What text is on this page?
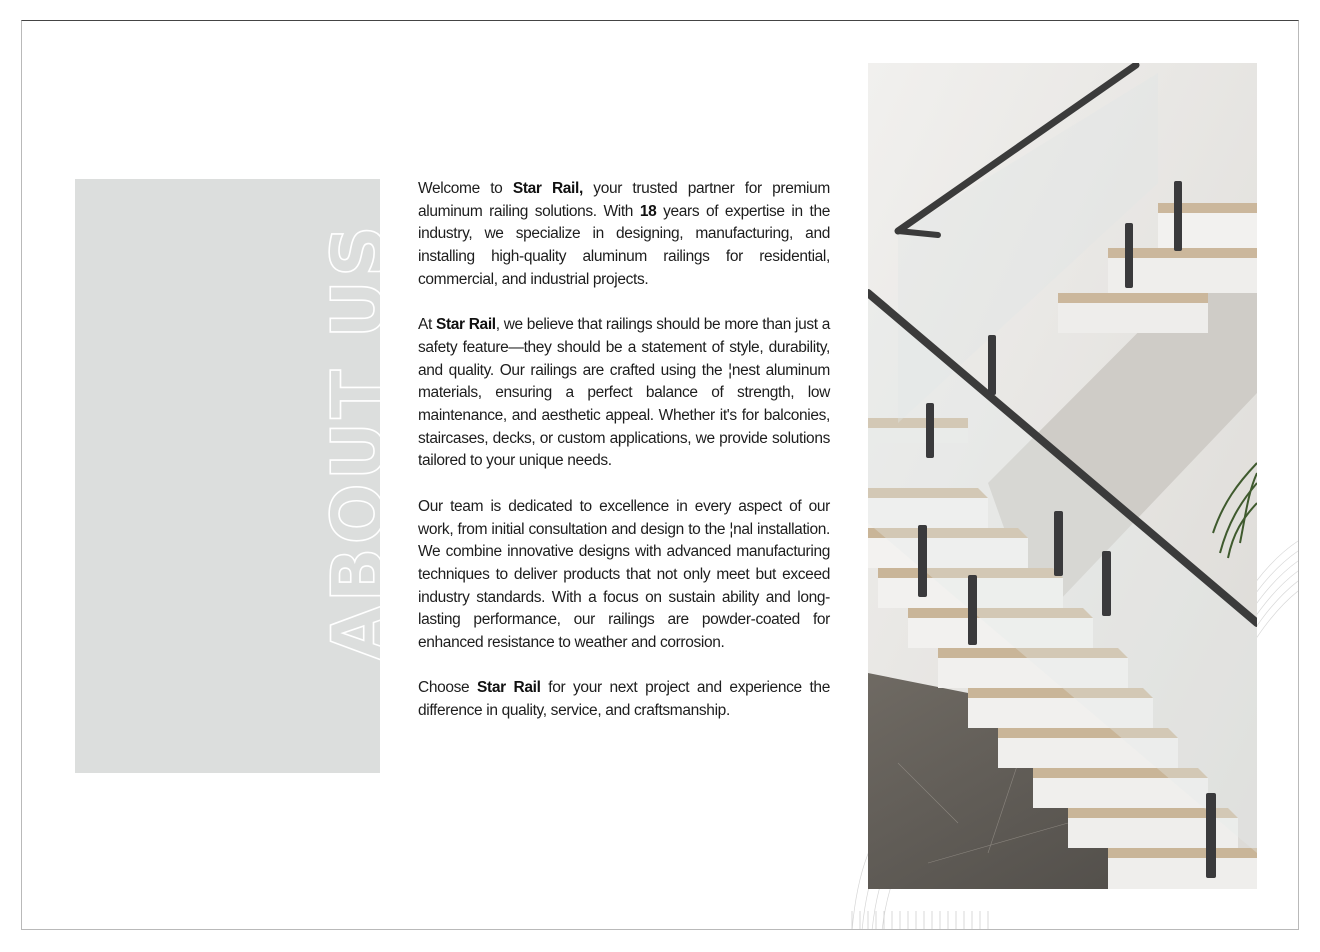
ABOUT US

Welcome to Star Rail, your trusted partner for premium aluminum railing solutions. With 18 years of expertise in the industry, we specialize in designing, manufacturing, and installing high-quality aluminum railings for residential, commercial, and industrial projects.

At Star Rail, we believe that railings should be more than just a safety feature—they should be a statement of style, durability, and quality. Our railings are crafted using the ¦nest aluminum materials, ensuring a perfect balance of strength, low maintenance, and aesthetic appeal. Whether it's for balconies, staircases, decks, or custom applications, we provide solutions tailored to your unique needs.

Our team is dedicated to excellence in every aspect of our work, from initial consultation and design to the ¦nal installation. We combine innovative designs with advanced manufacturing techniques to deliver products that not only meet but exceed industry standards. With a focus on sustain ability and long-lasting performance, our railings are powder-coated for enhanced resistance to weather and corrosion.

Choose Star Rail for your next project and experience the difference in quality, service, and craftsmanship.
